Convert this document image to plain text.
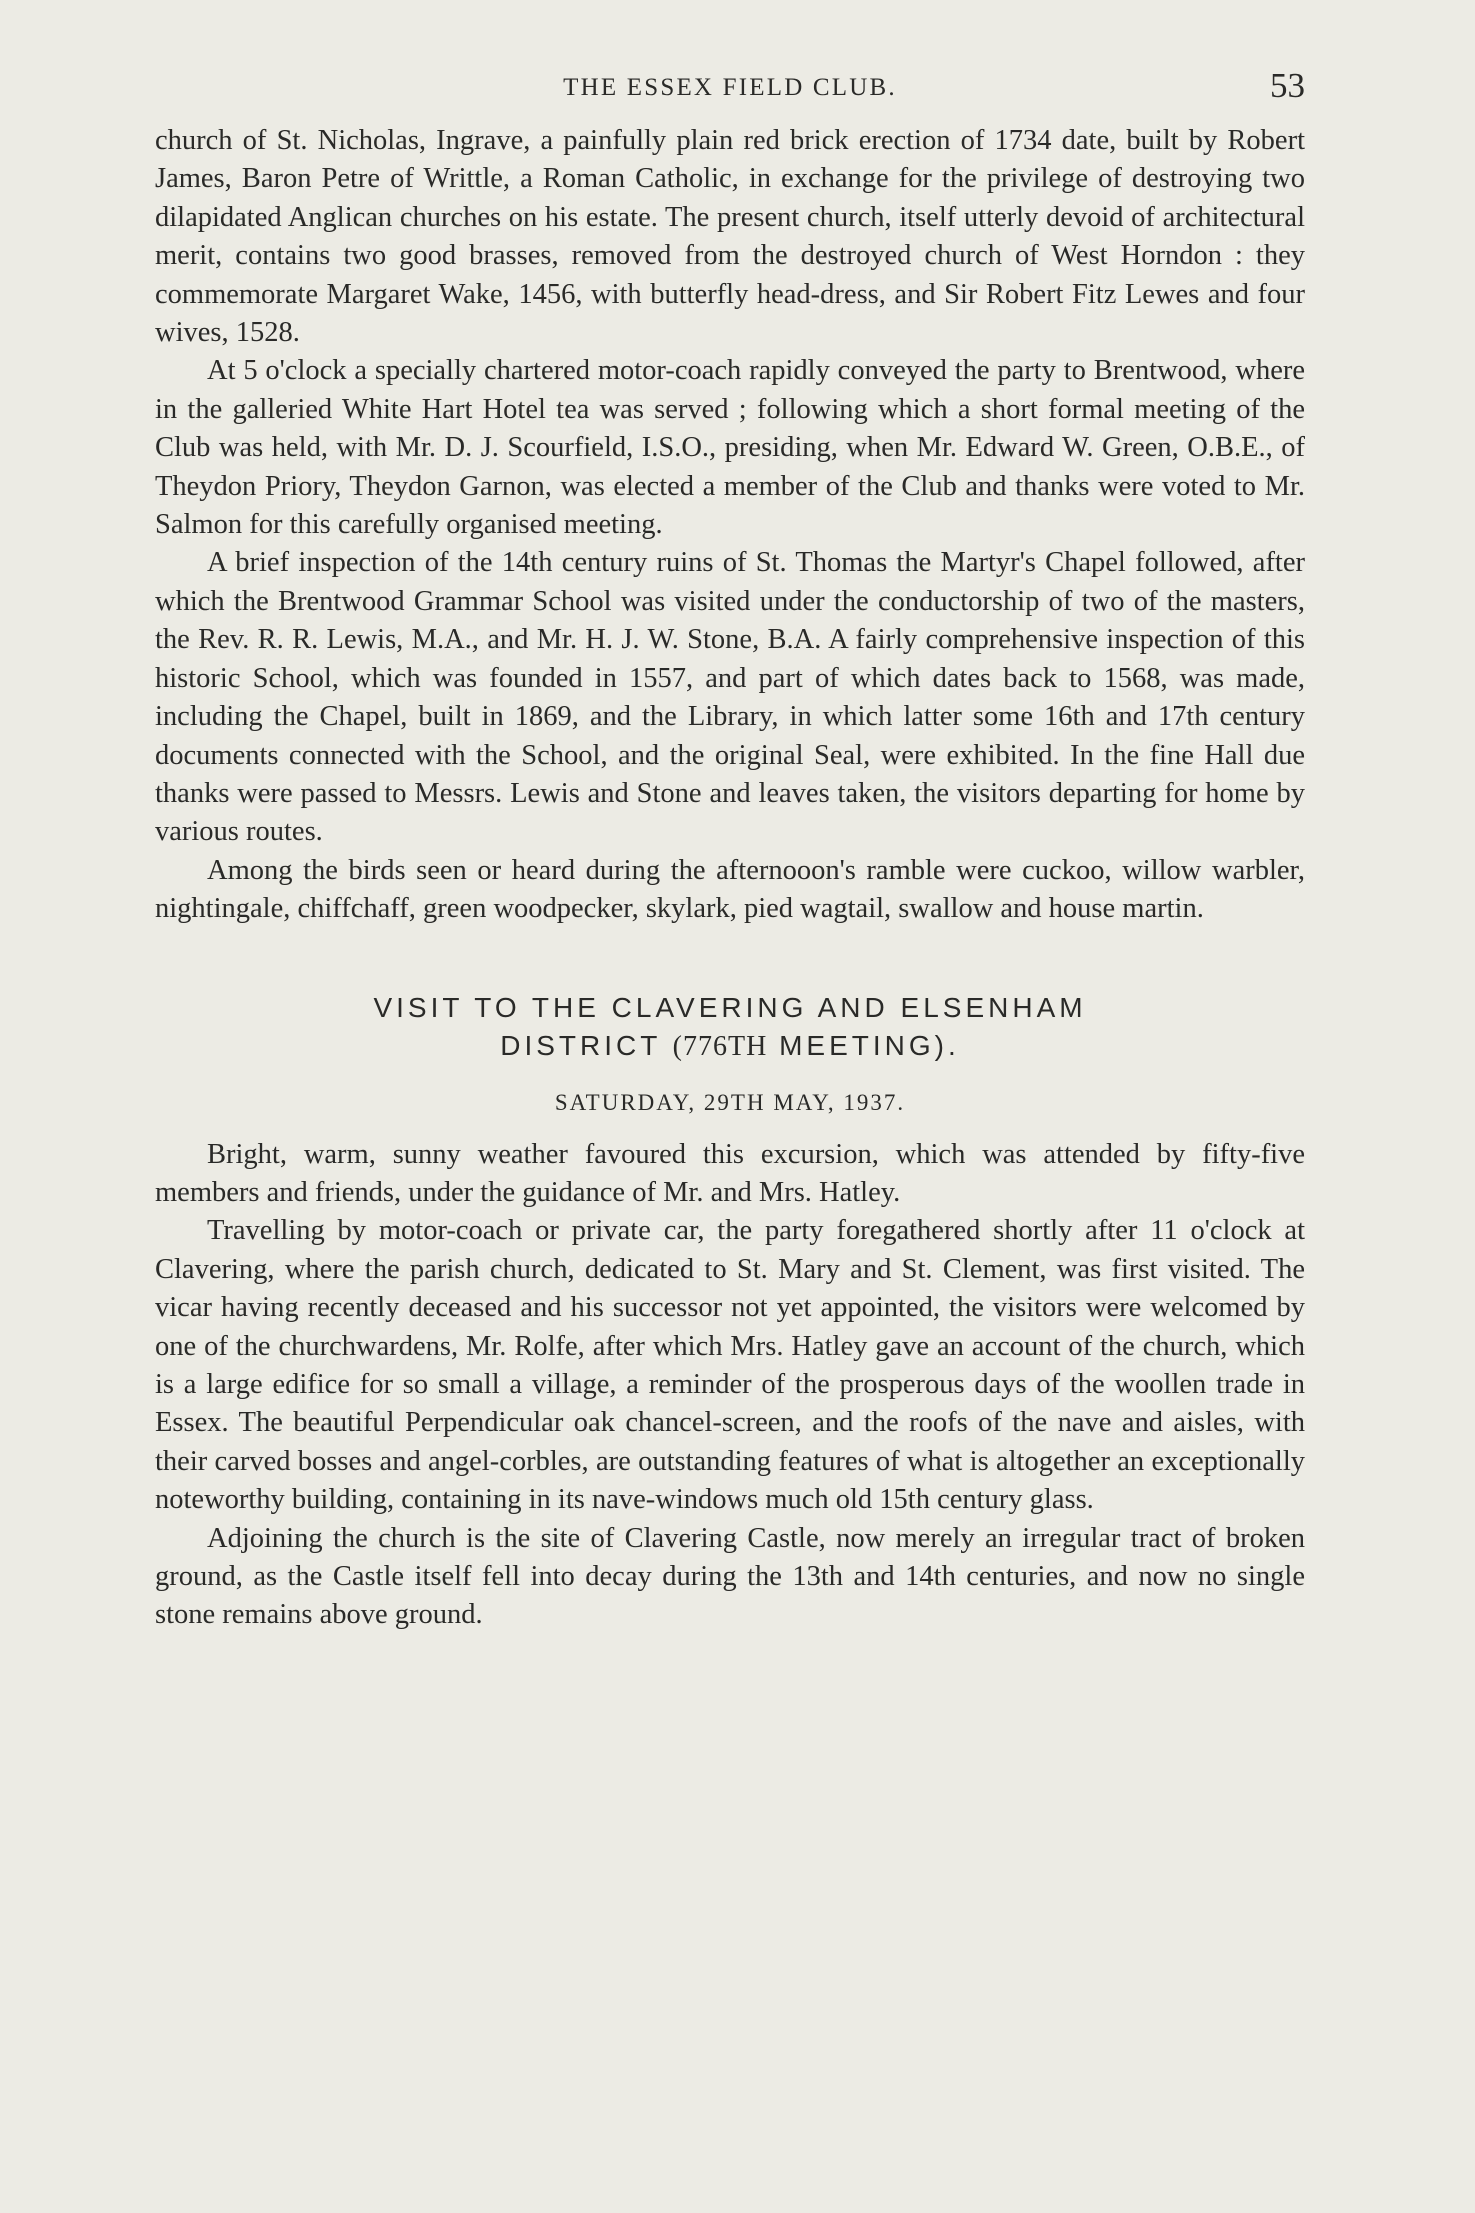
THE ESSEX FIELD CLUB.	53

church of St. Nicholas, Ingrave, a painfully plain red brick erection of 1734 date, built by Robert James, Baron Petre of Writtle, a Roman Catholic, in exchange for the privilege of destroying two dilapidated Anglican churches on his estate. The present church, itself utterly devoid of architectural merit, contains two good brasses, removed from the destroyed church of West Horndon : they commemorate Margaret Wake, 1456, with butterfly head-dress, and Sir Robert Fitz Lewes and four wives, 1528.

At 5 o'clock a specially chartered motor-coach rapidly conveyed the party to Brentwood, where in the galleried White Hart Hotel tea was served ; following which a short formal meeting of the Club was held, with Mr. D. J. Scourfield, I.S.O., presiding, when Mr. Edward W. Green, O.B.E., of Theydon Priory, Theydon Garnon, was elected a member of the Club and thanks were voted to Mr. Salmon for this carefully organised meeting.

A brief inspection of the 14th century ruins of St. Thomas the Martyr's Chapel followed, after which the Brentwood Grammar School was visited under the conductorship of two of the masters, the Rev. R. R. Lewis, M.A., and Mr. H. J. W. Stone, B.A. A fairly comprehensive inspection of this historic School, which was founded in 1557, and part of which dates back to 1568, was made, including the Chapel, built in 1869, and the Library, in which latter some 16th and 17th century documents connected with the School, and the original Seal, were exhibited. In the fine Hall due thanks were passed to Messrs. Lewis and Stone and leaves taken, the visitors departing for home by various routes.

Among the birds seen or heard during the afternooon's ramble were cuckoo, willow warbler, nightingale, chiffchaff, green woodpecker, skylark, pied wagtail, swallow and house martin.

VISIT TO THE CLAVERING AND ELSENHAM
DISTRICT (776TH MEETING).
SATURDAY, 29TH MAY, 1937.

Bright, warm, sunny weather favoured this excursion, which was attended by fifty-five members and friends, under the guidance of Mr. and Mrs. Hatley.

Travelling by motor-coach or private car, the party foregathered shortly after 11 o'clock at Clavering, where the parish church, dedicated to St. Mary and St. Clement, was first visited. The vicar having recently deceased and his successor not yet appointed, the visitors were welcomed by one of the churchwardens, Mr. Rolfe, after which Mrs. Hatley gave an account of the church, which is a large edifice for so small a village, a reminder of the prosperous days of the woollen trade in Essex. The beautiful Perpendicular oak chancel-screen, and the roofs of the nave and aisles, with their carved bosses and angel-corbles, are outstanding features of what is altogether an exceptionally noteworthy building, containing in its nave-windows much old 15th century glass.

Adjoining the church is the site of Clavering Castle, now merely an irregular tract of broken ground, as the Castle itself fell into decay during the 13th and 14th centuries, and now no single stone remains above ground.
